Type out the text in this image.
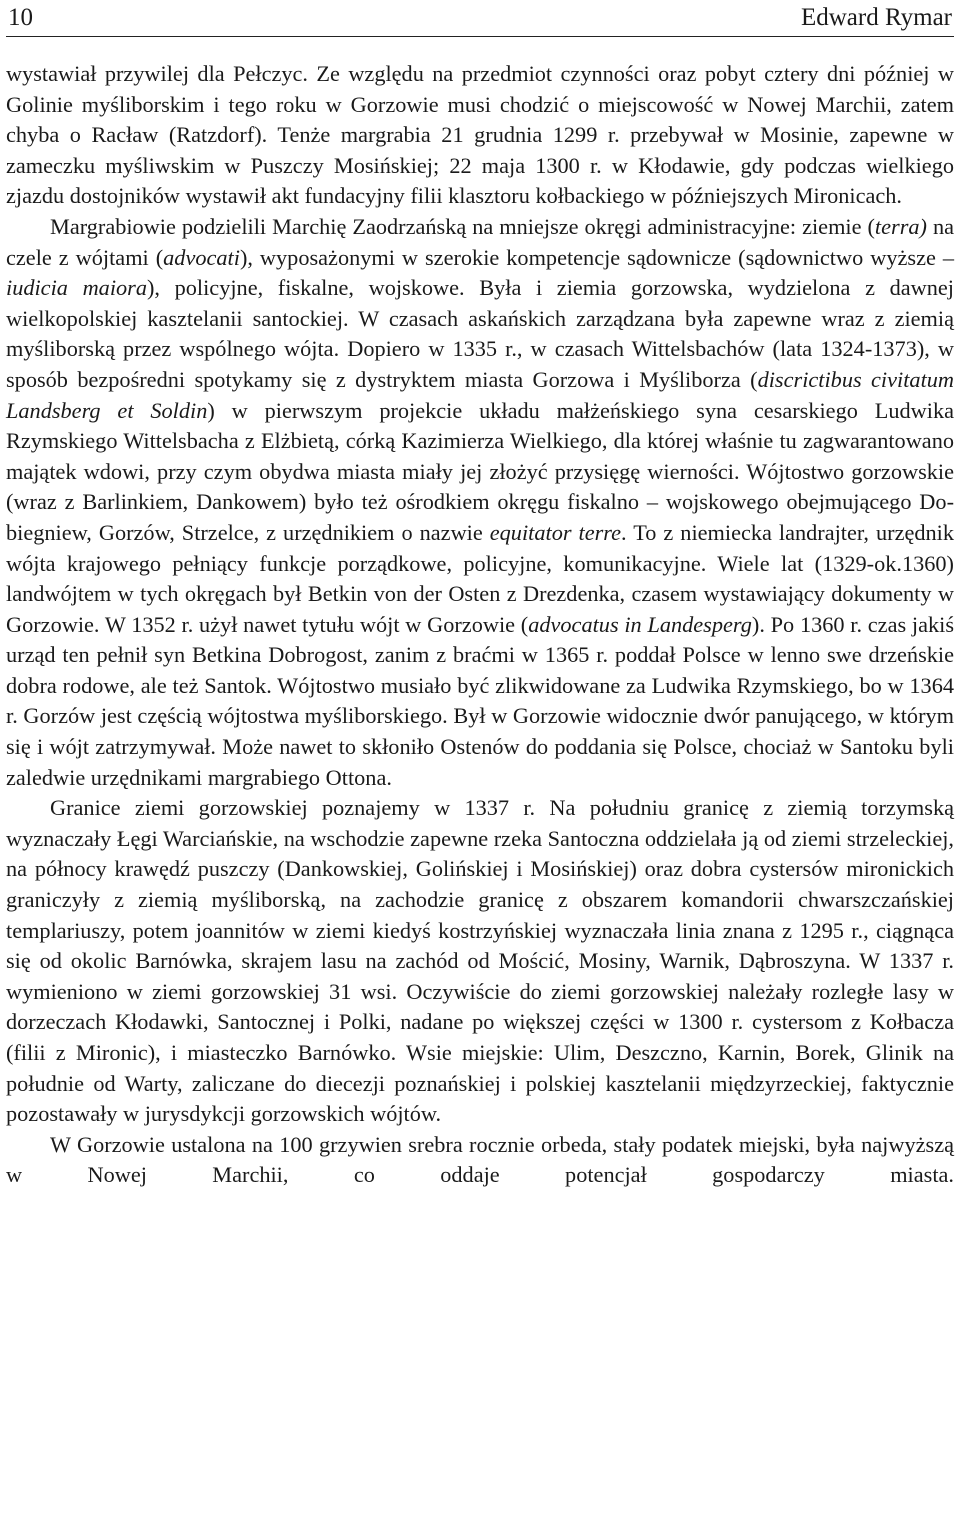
10	Edward Rymar

wystawiał przywilej dla Pełczyc. Ze względu na przedmiot czynności oraz pobyt cztery dni później w Golinie myśliborskim i tego roku w Gorzowie musi chodzić o miejscowość w Nowej Marchii, zatem chyba o Racław (Ratzdorf). Tenże margrabia 21 grudnia 1299 r. przebywał w Mosinie, zapewne w zameczku myśliwskim w Puszczy Mosińskiej; 22 maja 1300 r. w Kłodawie, gdy podczas wielkiego zjazdu dostojników wystawił akt fundacyjny filii klasztoru kołbackiego w późniejszych Mironicach.

Margrabiowie podzielili Marchię Zaodrzańską na mniejsze okręgi administracyjne: ziemie (terra) na czele z wójtami (advocati), wyposażonymi w szerokie kompetencje sądownicze (sądownictwo wyższe – iudicia maiora), policyjne, fiskalne, wojskowe. Była i ziemia gorzowska, wydzielona z dawnej wielkopolskiej kasztelanii santockiej. W czasach askańskich zarządzana była zapewne wraz z ziemią myśliborską przez wspólnego wójta. Dopiero w 1335 r., w czasach Wittelsbachów (lata 1324-1373), w sposób bezpośredni spotykamy się z dystryktem miasta Gorzowa i Myśliborza (discrictibus civitatum Landsberg et Soldin) w pierwszym projekcie układu małżeńskiego syna cesarskiego Ludwika Rzymskiego Wittelsbacha z Elżbietą, córką Kazimierza Wielkiego, dla której właśnie tu zagwarantowano majątek wdowi, przy czym obydwa miasta miały jej złożyć przysięgę wierności. Wójtostwo gorzowskie (wraz z Barlinkiem, Dankowem) było też ośrodkiem okręgu fiskalno – wojskowego obejmującego Dobiegniew, Gorzów, Strzelce, z urzędnikiem o nazwie equitator terre. To z niemiecka landrajter, urzędnik wójta krajowego pełniący funkcje porządkowe, policyjne, komunikacyjne. Wiele lat (1329-ok.1360) landwójtem w tych okręgach był Betkin von der Osten z Drezdenka, czasem wystawiający dokumenty w Gorzowie. W 1352 r. użył nawet tytułu wójt w Gorzowie (advocatus in Landesperg). Po 1360 r. czas jakiś urząd ten pełnił syn Betkina Dobrogost, zanim z braćmi w 1365 r. poddał Polsce w lenno swe drzeńskie dobra rodowe, ale też Santok. Wójtostwo musiało być zlikwidowane za Ludwika Rzymskiego, bo w 1364 r. Gorzów jest częścią wójtostwa myśliborskiego. Był w Gorzowie widocznie dwór panującego, w którym się i wójt zatrzymywał. Może nawet to skłoniło Ostenów do poddania się Polsce, chociaż w Santoku byli zaledwie urzędnikami margrabiego Ottona.

Granice ziemi gorzowskiej poznajemy w 1337 r. Na południu granicę z ziemią torzymską wyznaczały Łęgi Warciańskie, na wschodzie zapewne rzeka Santoczna oddzielała ją od ziemi strzeleckiej, na północy krawędź puszczy (Dankowskiej, Golińskiej i Mosińskiej) oraz dobra cystersów mironickich graniczyły z ziemią myśliborską, na zachodzie granicę z obszarem komandorii chwarszczańskiej templariuszy, potem joannitów w ziemi kiedyś kostrzyńskiej wyznaczała linia znana z 1295 r., ciągnąca się od okolic Barnówka, skrajem lasu na zachód od Mościć, Mosiny, Warnik, Dąbroszyna. W 1337 r. wymieniono w ziemi gorzowskiej 31 wsi. Oczywiście do ziemi gorzowskiej należały rozległe lasy w dorzeczach Kłodawki, Santocznej i Polki, nadane po większej części w 1300 r. cystersom z Kołbacza (filii z Mironic), i miasteczko Barnówko. Wsie miejskie: Ulim, Deszczno, Karnin, Borek, Glinik na południe od Warty, zaliczane do diecezji poznańskiej i polskiej kasztelanii międzyrzeckiej, faktycznie pozostawały w jurysdykcji gorzowskich wójtów.

W Gorzowie ustalona na 100 grzywien srebra rocznie orbeda, stały podatek miejski, była najwyższą w Nowej Marchii, co oddaje potencjał gospodarczy miasta.
